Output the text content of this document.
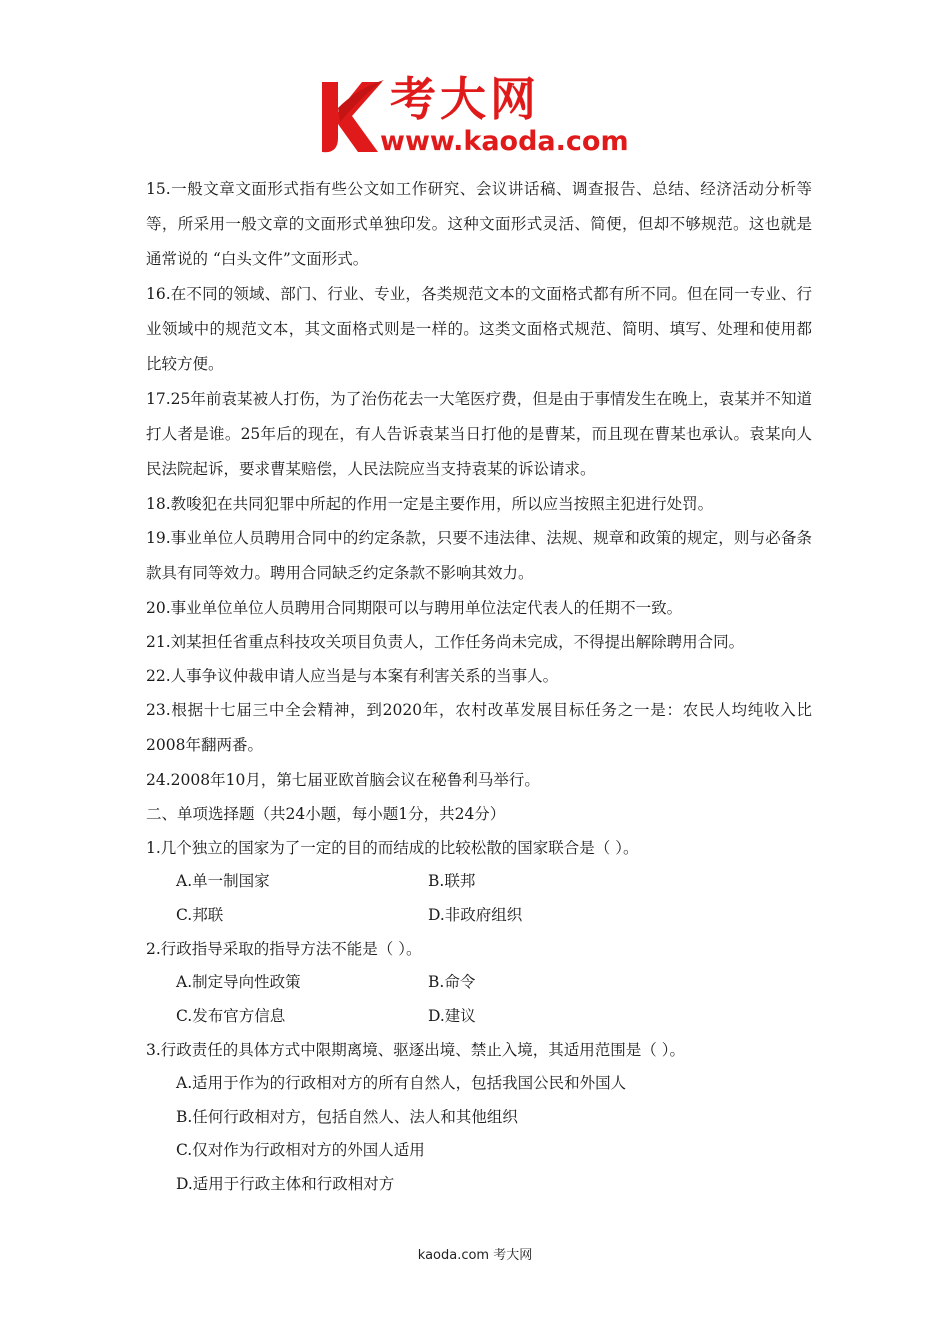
考大网
www.kaoda.com

15.一般文章文面形式指有些公文如工作研究、会议讲话稿、调查报告、总结、经济活动分析等等，所采用一般文章的文面形式单独印发。这种文面形式灵活、简便，但却不够规范。这也就是通常说的 “白头文件”文面形式。

16.在不同的领域、部门、行业、专业，各类规范文本的文面格式都有所不同。但在同一专业、行业领域中的规范文本，其文面格式则是一样的。这类文面格式规范、简明、填写、处理和使用都比较方便。

17.25年前袁某被人打伤，为了治伤花去一大笔医疗费，但是由于事情发生在晚上，袁某并不知道打人者是谁。25年后的现在，有人告诉袁某当日打他的是曹某，而且现在曹某也承认。袁某向人民法院起诉，要求曹某赔偿，人民法院应当支持袁某的诉讼请求。

18.教唆犯在共同犯罪中所起的作用一定是主要作用，所以应当按照主犯进行处罚。

19.事业单位人员聘用合同中的约定条款，只要不违法律、法规、规章和政策的规定，则与必备条款具有同等效力。聘用合同缺乏约定条款不影响其效力。

20.事业单位单位人员聘用合同期限可以与聘用单位法定代表人的任期不一致。

21.刘某担任省重点科技攻关项目负责人，工作任务尚未完成，不得提出解除聘用合同。

22.人事争议仲裁申请人应当是与本案有利害关系的当事人。

23.根据十七届三中全会精神，到2020年，农村改革发展目标任务之一是：农民人均纯收入比2008年翻两番。

24.2008年10月，第七届亚欧首脑会议在秘鲁利马举行。

二、单项选择题（共24小题，每小题1分，共24分）

1.几个独立的国家为了一定的目的而结成的比较松散的国家联合是（ ）。

A.单一制国家	B.联邦
C.邦联	D.非政府组织

2.行政指导采取的指导方法不能是（ ）。

A.制定导向性政策	B.命令
C.发布官方信息	D.建议

3.行政责任的具体方式中限期离境、驱逐出境、禁止入境，其适用范围是（ ）。

A.适用于作为的行政相对方的所有自然人，包括我国公民和外国人
B.任何行政相对方，包括自然人、法人和其他组织
C.仅对作为行政相对方的外国人适用
D.适用于行政主体和行政相对方
kaoda.com 考大网
